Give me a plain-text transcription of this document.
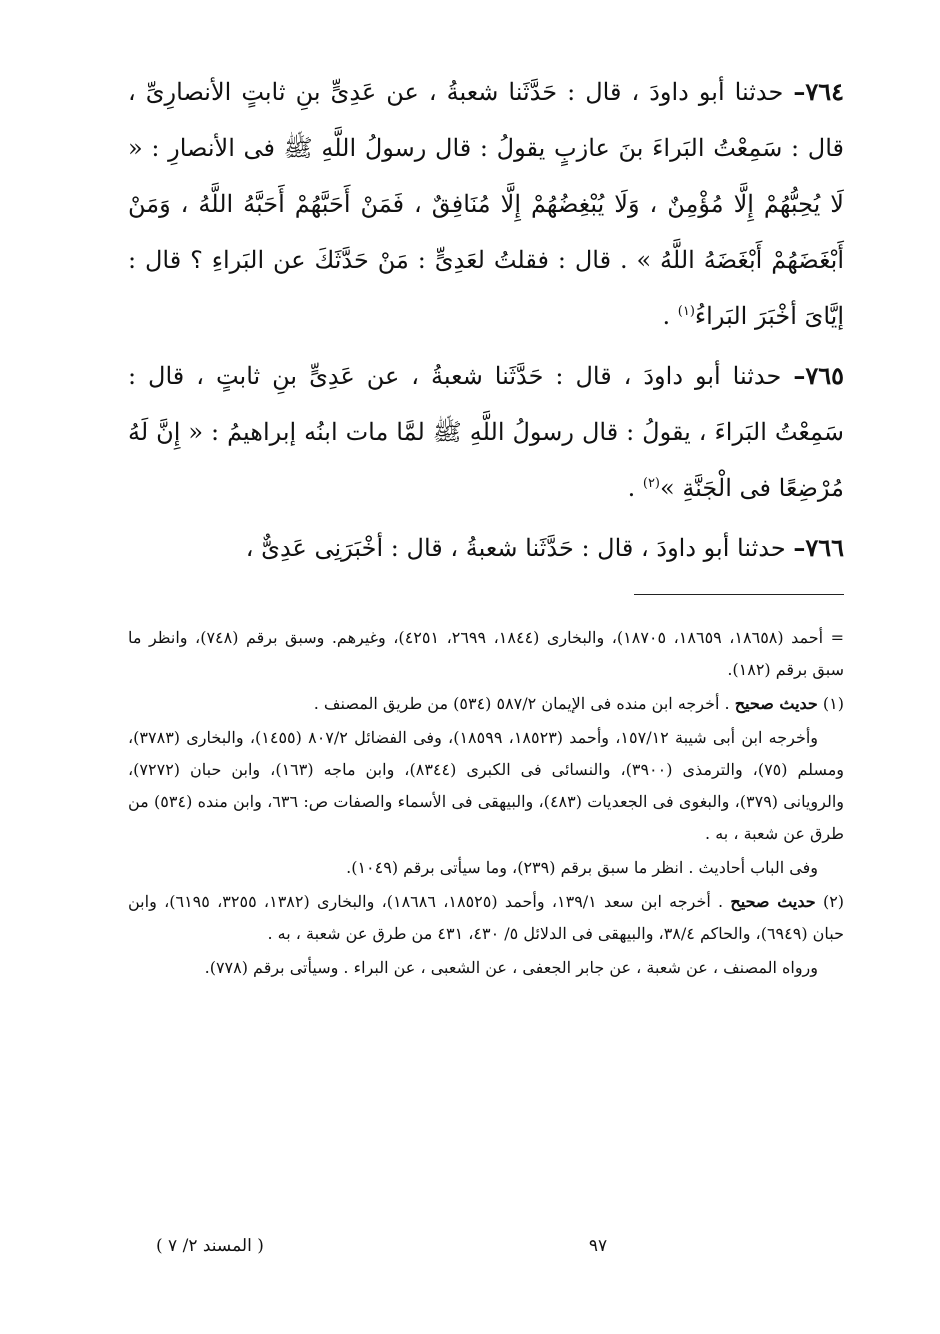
٧٦٤– حدثنا أبو داودَ ، قال : حَدَّثَنا شعبةُ ، عن عَدِىٍّ بنِ ثابتٍ الأنصارِىِّ ، قال : سَمِعْتُ البَراءَ بنَ عازبٍ يقولُ : قال رسولُ اللَّهِ ﷺ فى الأنصارِ : « لَا يُحِبُّهُمْ إِلَّا مُؤْمِنٌ ، وَلَا يُبْغِضُهُمْ إِلَّا مُنَافِقٌ ، فَمَنْ أَحَبَّهُمْ أَحَبَّهُ اللَّهُ ، وَمَنْ أَبْغَضَهُمْ أَبْغَضَهُ اللَّهُ » . قال : فقلتُ لعَدِىٍّ : مَنْ حَدَّثَكَ عن البَراءِ ؟ قال : إيَّاىَ أخْبَرَ البَراءُ$^{(١)}$ .

٧٦٥– حدثنا أبو داودَ ، قال : حَدَّثَنا شعبةُ ، عن عَدِىٍّ بنِ ثابتٍ ، قال : سَمِعْتُ البَراءَ ، يقولُ : قال رسولُ اللَّهِ ﷺ لمَّا مات ابنُه إبراهيمُ : « إِنَّ لَهُ مُرْضِعًا فى الْجَنَّةِ »$^{(٢)}$ .

٧٦٦– حدثنا أبو داودَ ، قال : حَدَّثَنا شعبةُ ، قال : أخْبَرَنِى عَدِىٌّ ،

= أحمد (١٨٦٥٨، ١٨٦٥٩، ١٨٧٠٥)، والبخارى (١٨٤٤، ٢٦٩٩، ٤٢٥١)، وغيرهم. وسبق برقم (٧٤٨)، وانظر ما سبق برقم (١٨٢).

(١) حديث صحيح . أخرجه ابن منده فى الإيمان ٥٨٧/٢ (٥٣٤) من طريق المصنف .

وأخرجه ابن أبى شيبة ١٥٧/١٢، وأحمد (١٨٥٢٣، ١٨٥٩٩)، وفى الفضائل ٨٠٧/٢ (١٤٥٥)، والبخارى (٣٧٨٣)، ومسلم (٧٥)، والترمذى (٣٩٠٠)، والنسائى فى الكبرى (٨٣٤٤)، وابن ماجه (١٦٣)، وابن حبان (٧٢٧٢)، والرويانى (٣٧٩)، والبغوى فى الجعديات (٤٨٣)، والبيهقى فى الأسماء والصفات ص: ٦٣٦، وابن منده (٥٣٤) من طرق عن شعبة ، به .

وفى الباب أحاديث . انظر ما سبق برقم (٢٣٩)، وما سيأتى برقم (١٠٤٩).

(٢) حديث صحيح . أخرجه ابن سعد ١٣٩/١، وأحمد (١٨٥٢٥، ١٨٦٨٦)، والبخارى (١٣٨٢، ٣٢٥٥، ٦١٩٥)، وابن حبان (٦٩٤٩)، والحاكم ٣٨/٤، والبيهقى فى الدلائل ٥/ ٤٣٠، ٤٣١ من طرق عن شعبة ، به .

ورواه المصنف ، عن شعبة ، عن جابر الجعفى ، عن الشعبى ، عن البراء . وسيأتى برقم (٧٧٨).

٩٧
( المسند ٢/ ٧ )
